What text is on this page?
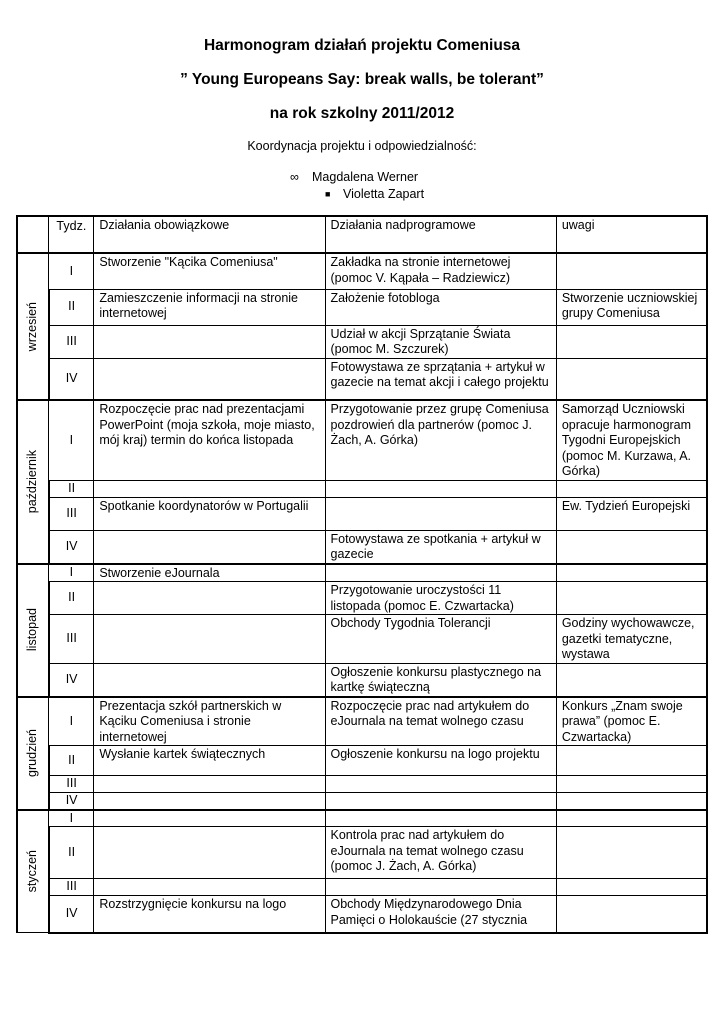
Harmonogram działań projektu Comeniusa
” Young Europeans Say: break walls, be tolerant”
na rok szkolny 2011/2012
Koordynacja projektu i odpowiedzialność:
∞ Magdalena Werner
■ Violetta Zapart
	Tydz.	Działania obowiązkowe	Działania nadprogramowe	uwagi

wrzesień	I	Stworzenie "Kącika Comeniusa"	Zakładka na stronie internetowej (pomoc V. Kąpała – Radziewicz)	
	II	Zamieszczenie informacji na stronie internetowej	Założenie fotobloga	Stworzenie uczniowskiej grupy Comeniusa
	III		Udział w akcji Sprzątanie Świata (pomoc M. Szczurek)	
	IV		Fotowystawa ze sprzątania + artykuł w gazecie na temat akcji i całego projektu	

październik	I	Rozpoczęcie prac nad prezentacjami PowerPoint (moja szkoła, moje miasto, mój kraj) termin do końca listopada	Przygotowanie przez grupę Comeniusa pozdrowień dla partnerów (pomoc J. Żach, A. Górka)	Samorząd Uczniowski opracuje harmonogram Tygodni Europejskich (pomoc M. Kurzawa, A. Górka)
	II			
	III	Spotkanie koordynatorów w Portugalii		Ew. Tydzień Europejski
	IV		Fotowystawa ze spotkania + artykuł w gazecie	

listopad	I	Stworzenie eJournala		
	II		Przygotowanie uroczystości 11 listopada (pomoc E. Czwartacka)	
	III		Obchody Tygodnia Tolerancji	Godziny wychowawcze, gazetki tematyczne, wystawa
	IV		Ogłoszenie konkursu plastycznego na kartkę świąteczną	

grudzień	I	Prezentacja szkół partnerskich w Kąciku Comeniusa i stronie internetowej	Rozpoczęcie prac nad artykułem do eJournala na temat wolnego czasu	Konkurs „Znam swoje prawa” (pomoc E. Czwartacka)
	II	Wysłanie kartek świątecznych	Ogłoszenie konkursu na logo projektu	
	III			
	IV			

styczeń	I			
	II		Kontrola prac nad artykułem do eJournala na temat wolnego czasu (pomoc J. Żach, A. Górka)	
	III			
	IV	Rozstrzygnięcie konkursu na logo	Obchody Międzynarodowego Dnia Pamięci o Holokauście (27 stycznia	
